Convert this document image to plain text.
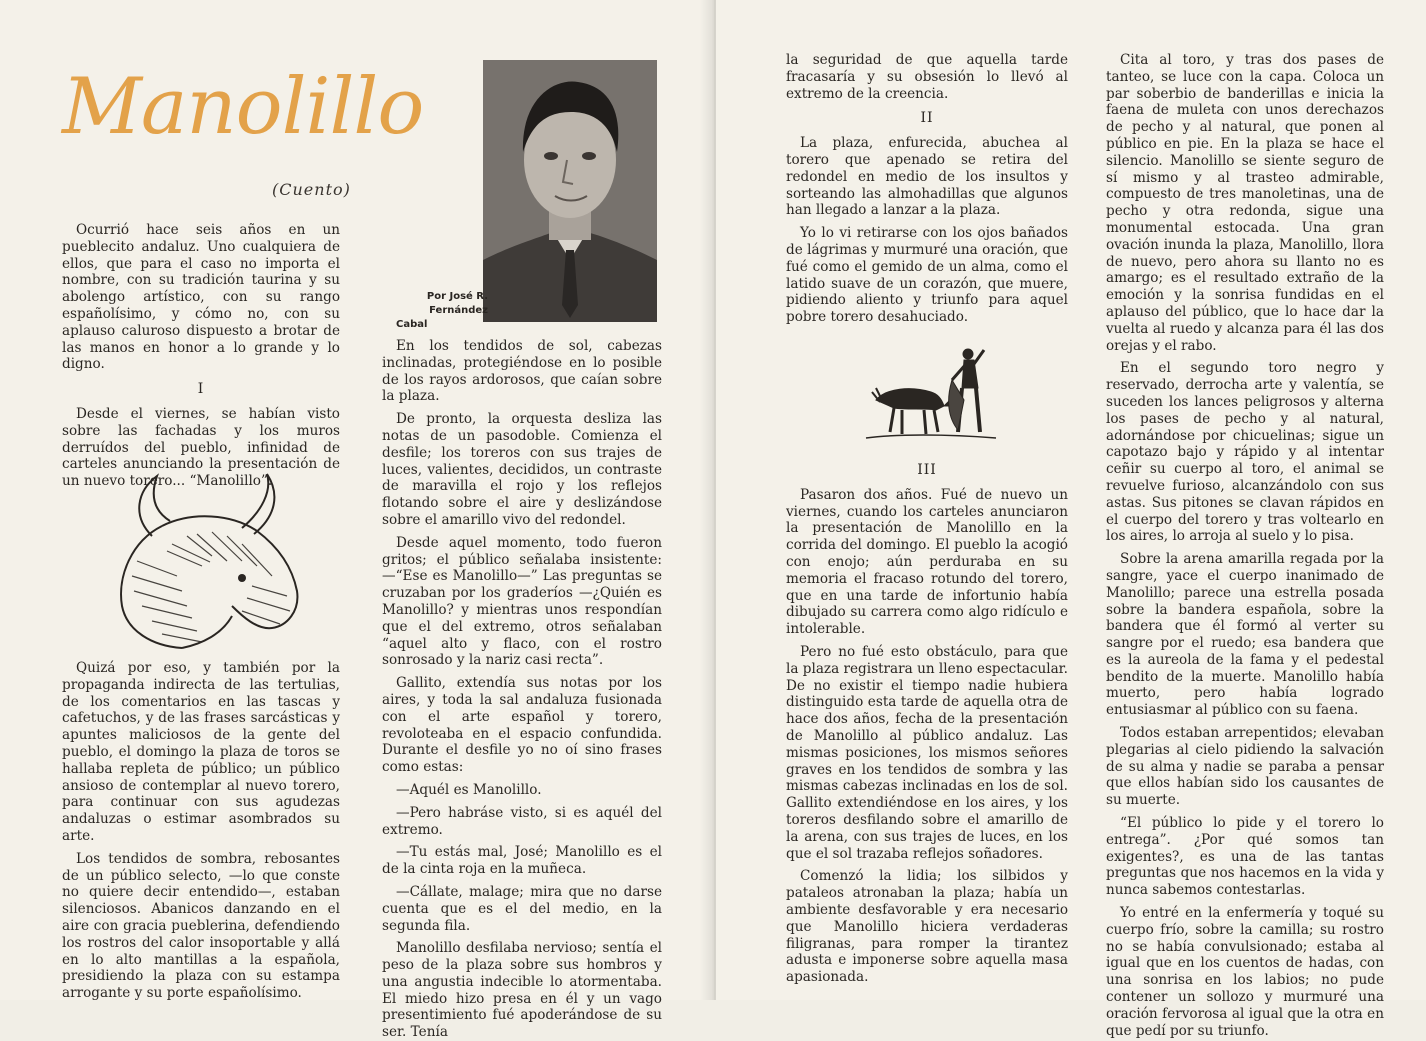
Manolillo
(Cuento)

Ocurrió hace seis años en un pueblecito andaluz. Uno cualquiera de ellos, que para el caso no importa el nombre, con su tradición taurina y su abolengo artístico, con su rango españolísimo, y cómo no, con su aplauso caluroso dispuesto a brotar de las manos en honor a lo grande y lo digno.

I

Desde el viernes, se habían visto sobre las fachadas y los muros derruídos del pueblo, infinidad de carteles anunciando la presentación de un nuevo torero... “Manolillo”.

Quizá por eso, y también por la propaganda indirecta de las tertulias, de los comentarios en las tascas y cafetuchos, y de las frases sarcásticas y apuntes maliciosos de la gente del pueblo, el domingo la plaza de toros se hallaba repleta de público; un público ansioso de contemplar al nuevo torero, para continuar con sus agudezas andaluzas o estimar asombrados su arte.

Los tendidos de sombra, rebosantes de un público selecto, —lo que conste no quiere decir entendido—, estaban silenciosos. Abanicos danzando en el aire con gracia pueblerina, defendiendo los rostros del calor insoportable y allá en lo alto mantillas a la española, presidiendo la plaza con su estampa arrogante y su porte españolísimo.

Por José R. Fernández
Cabal

En los tendidos de sol, cabezas inclinadas, protegiéndose en lo posible de los rayos ardorosos, que caían sobre la plaza.

De pronto, la orquesta desliza las notas de un pasodoble. Comienza el desfile; los toreros con sus trajes de luces, valientes, decididos, un contraste de maravilla el rojo y los reflejos flotando sobre el aire y deslizándose sobre el amarillo vivo del redondel.

Desde aquel momento, todo fueron gritos; el público señalaba insistente: —“Ese es Manolillo—” Las preguntas se cruzaban por los graderíos —¿Quién es Manolillo? y mientras unos respondían que el del extremo, otros señalaban “aquel alto y flaco, con el rostro sonrosado y la nariz casi recta”.

Gallito, extendía sus notas por los aires, y toda la sal andaluza fusionada con el arte español y torero, revoloteaba en el espacio confundida. Durante el desfile yo no oí sino frases como estas:

—Aquél es Manolillo.

—Pero habráse visto, si es aquél del extremo.

—Tu estás mal, José; Manolillo es el de la cinta roja en la muñeca.

—Cállate, malage; mira que no darse cuenta que es el del medio, en la segunda fila.

Manolillo desfilaba nervioso; sentía el peso de la plaza sobre sus hombros y una angustia indecible lo atormentaba. El miedo hizo presa en él y un vago presentimiento fué apoderándose de su ser. Tenía

la seguridad de que aquella tarde fracasaría y su obsesión lo llevó al extremo de la creencia.

II

La plaza, enfurecida, abuchea al torero que apenado se retira del redondel en medio de los insultos y sorteando las almohadillas que algunos han llegado a lanzar a la plaza.

Yo lo vi retirarse con los ojos bañados de lágrimas y murmuré una oración, que fué como el gemido de un alma, como el latido suave de un corazón, que muere, pidiendo aliento y triunfo para aquel pobre torero desahuciado.

III

Pasaron dos años. Fué de nuevo un viernes, cuando los carteles anunciaron la presentación de Manolillo en la corrida del domingo. El pueblo la acogió con enojo; aún perduraba en su memoria el fracaso rotundo del torero, que en una tarde de infortunio había dibujado su carrera como algo ridículo e intolerable.

Pero no fué esto obstáculo, para que la plaza registrara un lleno espectacular. De no existir el tiempo nadie hubiera distinguido esta tarde de aquella otra de hace dos años, fecha de la presentación de Manolillo al público andaluz. Las mismas posiciones, los mismos señores graves en los tendidos de sombra y las mismas cabezas inclinadas en los de sol. Gallito extendiéndose en los aires, y los toreros desfilando sobre el amarillo de la arena, con sus trajes de luces, en los que el sol trazaba reflejos soñadores.

Comenzó la lidia; los silbidos y pataleos atronaban la plaza; había un ambiente desfavorable y era necesario que Manolillo hiciera verdaderas filigranas, para romper la tirantez adusta e imponerse sobre aquella masa apasionada.

Cita al toro, y tras dos pases de tanteo, se luce con la capa. Coloca un par soberbio de banderillas e inicia la faena de muleta con unos derechazos de pecho y al natural, que ponen al público en pie. En la plaza se hace el silencio. Manolillo se siente seguro de sí mismo y al trasteo admirable, compuesto de tres manoletinas, una de pecho y otra redonda, sigue una monumental estocada. Una gran ovación inunda la plaza, Manolillo, llora de nuevo, pero ahora su llanto no es amargo; es el resultado extraño de la emoción y la sonrisa fundidas en el aplauso del público, que lo hace dar la vuelta al ruedo y alcanza para él las dos orejas y el rabo.

En el segundo toro negro y reservado, derrocha arte y valentía, se suceden los lances peligrosos y alterna los pases de pecho y al natural, adornándose por chicuelinas; sigue un capotazo bajo y rápido y al intentar ceñir su cuerpo al toro, el animal se revuelve furioso, alcanzándolo con sus astas. Sus pitones se clavan rápidos en el cuerpo del torero y tras voltearlo en los aires, lo arroja al suelo y lo pisa.

Sobre la arena amarilla regada por la sangre, yace el cuerpo inanimado de Manolillo; parece una estrella posada sobre la bandera española, sobre la bandera que él formó al verter su sangre por el ruedo; esa bandera que es la aureola de la fama y el pedestal bendito de la muerte. Manolillo había muerto, pero había logrado entusiasmar al público con su faena.

Todos estaban arrepentidos; elevaban plegarias al cielo pidiendo la salvación de su alma y nadie se paraba a pensar que ellos habían sido los causantes de su muerte.

“El público lo pide y el torero lo entrega”. ¿Por qué somos tan exigentes?, es una de las tantas preguntas que nos hacemos en la vida y nunca sabemos contestarlas.

Yo entré en la enfermería y toqué su cuerpo frío, sobre la camilla; su rostro no se había convulsionado; estaba al igual que en los cuentos de hadas, con una sonrisa en los labios; no pude contener un sollozo y murmuré una oración fervorosa al igual que la otra en que pedí por su triunfo.
